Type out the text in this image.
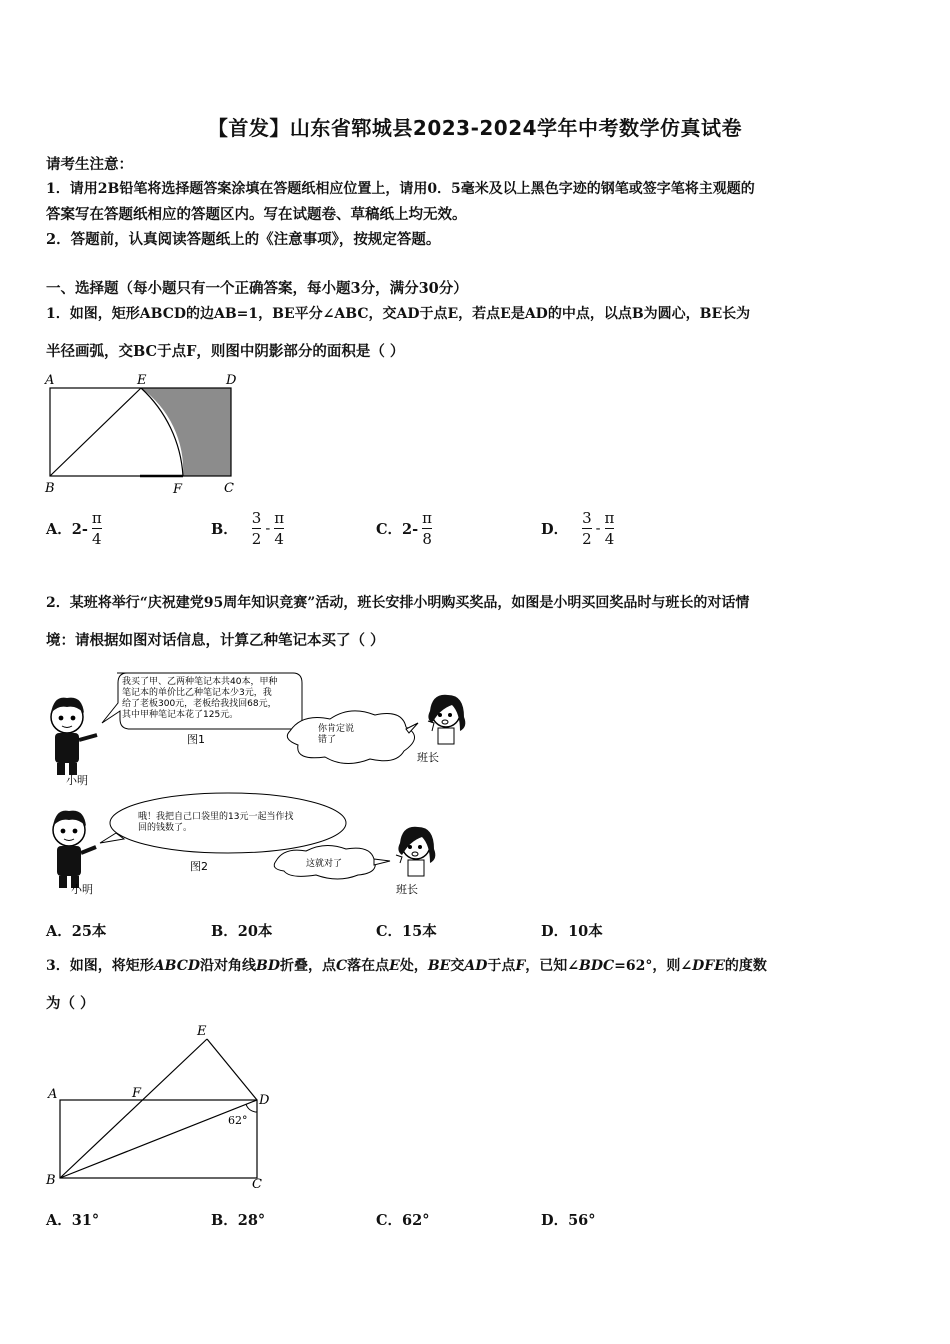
【首发】山东省郓城县2023-2024学年中考数学仿真试卷
请考生注意：
1．请用2B铅笔将选择题答案涂填在答题纸相应位置上，请用0．5毫米及以上黑色字迹的钢笔或签字笔将主观题的
答案写在答题纸相应的答题区内。写在试题卷、草稿纸上均无效。
2．答题前，认真阅读答题纸上的《注意事项》，按规定答题。
一、选择题（每小题只有一个正确答案，每小题3分，满分30分）
1．如图，矩形ABCD的边AB=1，BE平分∠ABC，交AD于点E，若点E是AD的中点，以点B为圆心，BE长为
半径画弧，交BC于点F，则图中阴影部分的面积是（ ）
A	E	D
B	F	C
A．$2- \frac{\pi}{4}$	B． $\frac{3}{2} - \frac{\pi}{4}$	C．$2- \frac{\pi}{8}$	D． $\frac{3}{2} - \frac{\pi}{4}$
2．某班将举行“庆祝建党95周年知识竞赛”活动，班长安排小明购买奖品，如图是小明买回奖品时与班长的对话情
境：请根据如图对话信息，计算乙种笔记本买了（ ）
我买了甲、乙两种笔记本共40本，甲种
笔记本的单价比乙种笔记本少3元，我
给了老板300元，老板给我找回68元，
其中甲种笔记本花了125元。
图1
小明
你肯定说
错了
班长
哦！我把自己口袋里的13元一起当作找
回的钱数了。
图2
小明
这就对了
班长
A．25本	B．20本	C．15本	D．10本
3．如图，将矩形ABCD沿对角线BD折叠，点C落在点E处，BE交AD于点F，已知∠BDC=62°，则∠DFE的度数
为（ ）
E
A	F	D
62°
B	C
A．31°	B．28°	C．62°	D．56°
